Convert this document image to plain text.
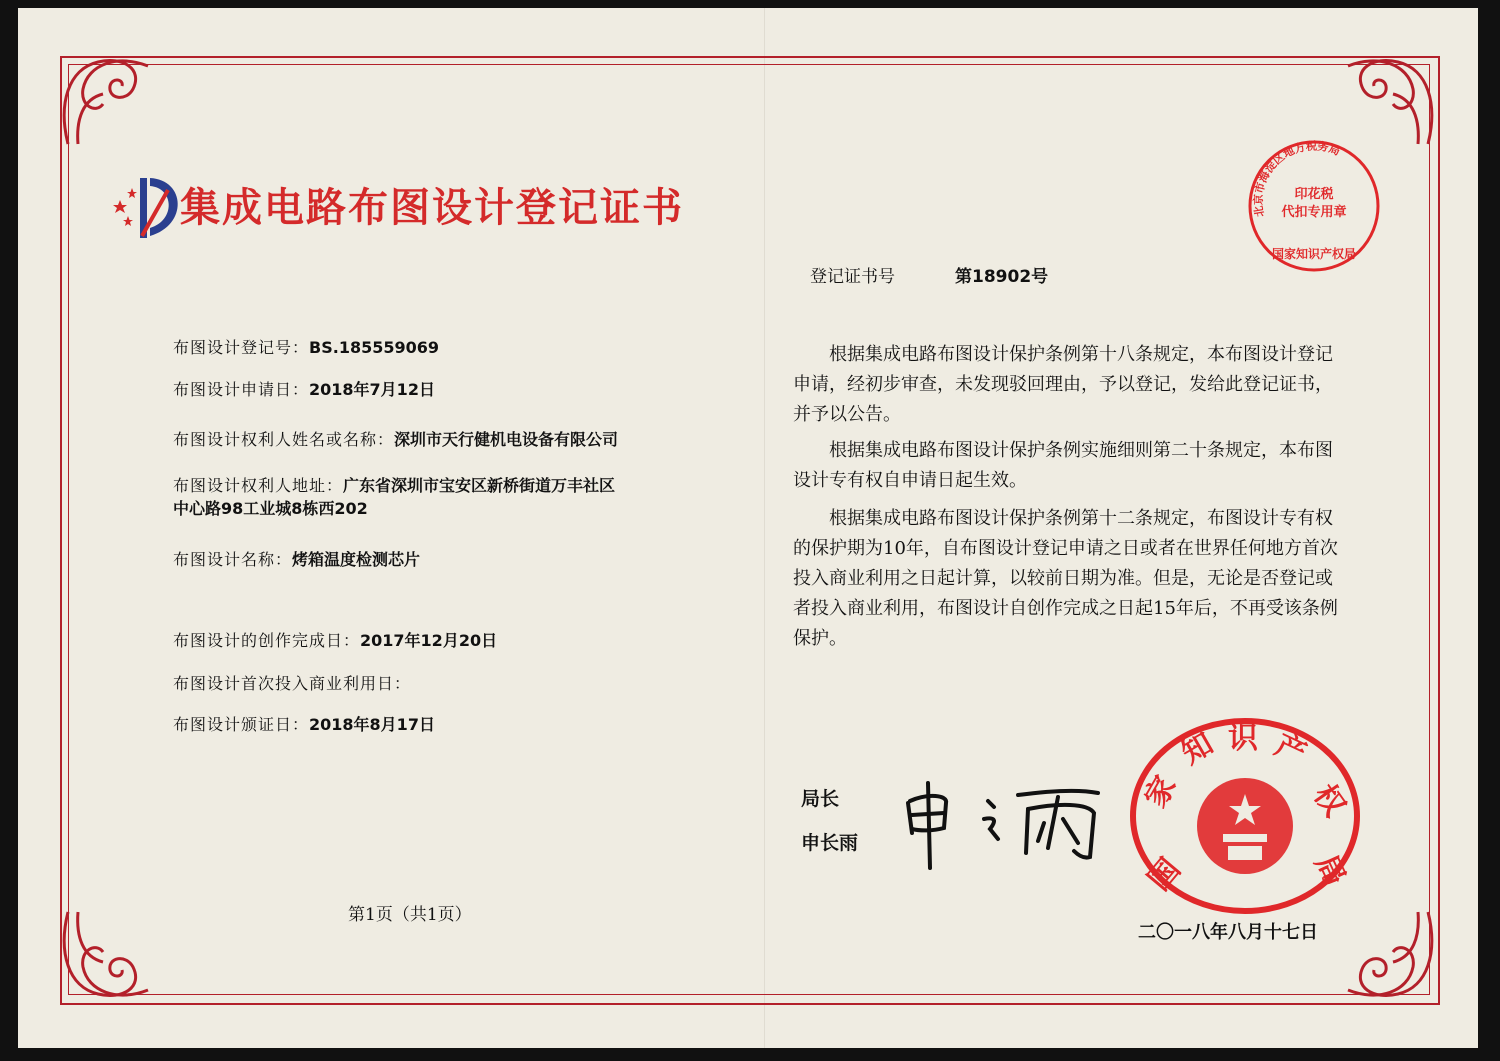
集成电路布图设计登记证书
布图设计登记号：BS.185559069
布图设计申请日：2018年7月12日
布图设计权利人姓名或名称：深圳市天行健机电设备有限公司
布图设计权利人地址：广东省深圳市宝安区新桥街道万丰社区中心路98工业城8栋西202
布图设计名称：烤箱温度检测芯片
布图设计的创作完成日：2017年12月20日
布图设计首次投入商业利用日：
布图设计颁证日：2018年8月17日
第1页（共1页）
登记证书号	第18902号
根据集成电路布图设计保护条例第十八条规定，本布图设计登记申请，经初步审查，未发现驳回理由，予以登记，发给此登记证书，并予以公告。
根据集成电路布图设计保护条例实施细则第二十条规定，本布图设计专有权自申请日起生效。
根据集成电路布图设计保护条例第十二条规定，布图设计专有权的保护期为10年，自布图设计登记申请之日或者在世界任何地方首次投入商业利用之日起计算，以较前日期为准。但是，无论是否登记或者投入商业利用，布图设计自创作完成之日起15年后，不再受该条例保护。
局长
申长雨
国
家
知 识 产
权
局
二〇一八年八月十七日
印花税
代扣专用章
北京市海淀区地方税务局
国家知识产权局
